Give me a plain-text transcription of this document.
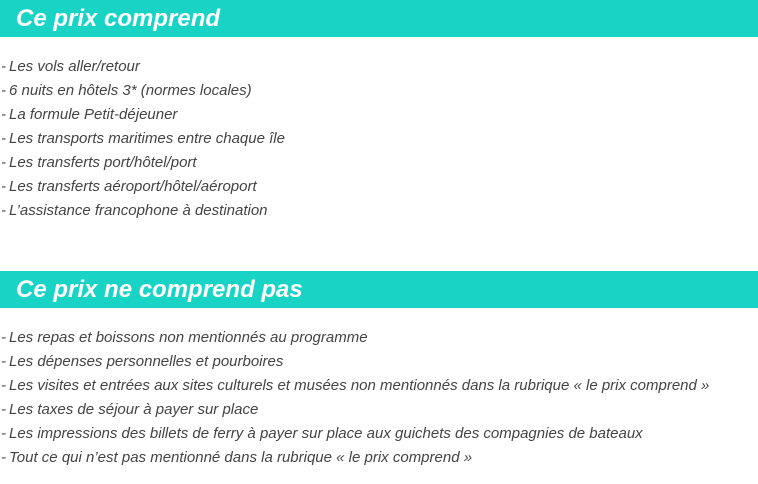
Ce prix comprend
- Les vols aller/retour
- 6 nuits en hôtels 3* (normes locales)
- La formule Petit-déjeuner
- Les transports maritimes entre chaque île
- Les transferts port/hôtel/port
- Les transferts aéroport/hôtel/aéroport
- L’assistance francophone à destination
Ce prix ne comprend pas
- Les repas et boissons non mentionnés au programme
- Les dépenses personnelles et pourboires
- Les visites et entrées aux sites culturels et musées non mentionnés dans la rubrique « le prix comprend »
- Les taxes de séjour à payer sur place
- Les impressions des billets de ferry à payer sur place aux guichets des compagnies de bateaux
- Tout ce qui n’est pas mentionné dans la rubrique « le prix comprend »
